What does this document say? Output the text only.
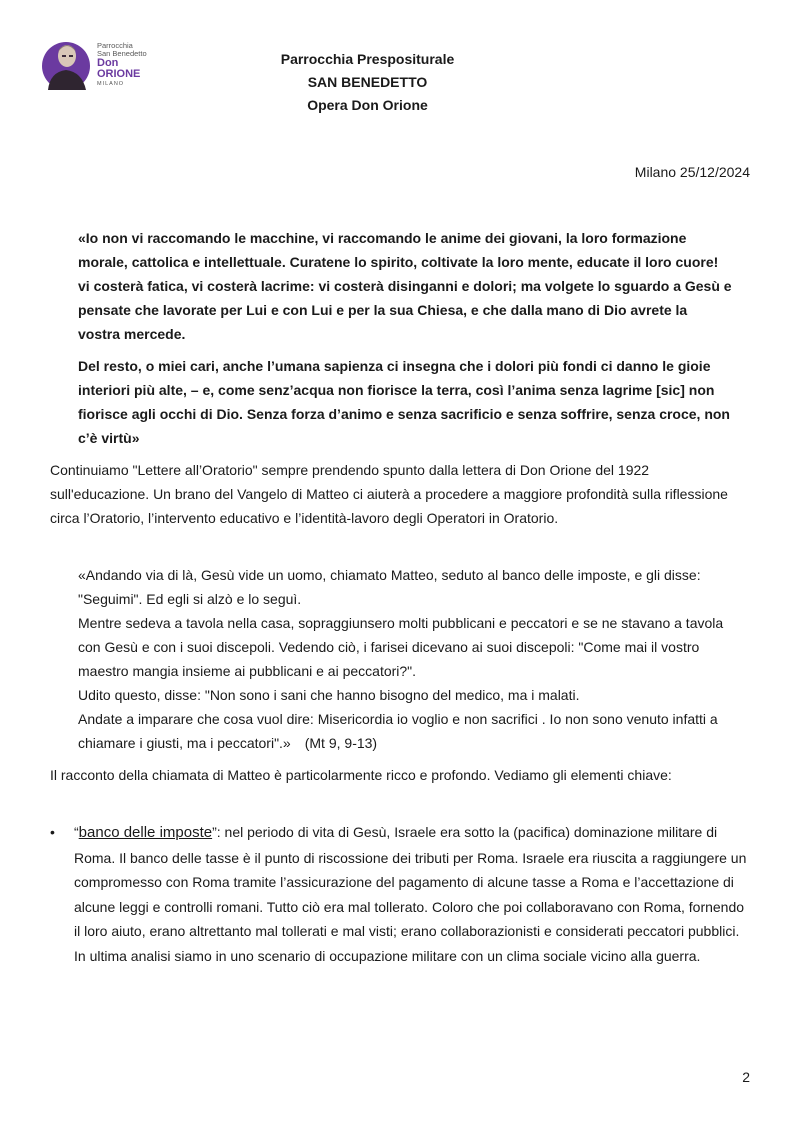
Parrocchia
San Benedetto
Don
ORIONE
MILANO
Parrocchia Prespositurale
SAN BENEDETTO
Opera Don Orione
Milano 25/12/2024

«Io non vi raccomando le macchine, vi raccomando le anime dei giovani, la loro formazione morale, cattolica e intellettuale. Curatene lo spirito, coltivate la loro mente, educate il loro cuore! vi costerà fatica, vi costerà lacrime: vi costerà disinganni e dolori; ma volgete lo sguardo a Gesù e pensate che lavorate per Lui e con Lui e per la sua Chiesa, e che dalla mano di Dio avrete la vostra mercede.

Del resto, o miei cari, anche l’umana sapienza ci insegna che i dolori più fondi ci danno le gioie interiori più alte, – e, come senz’acqua non fiorisce la terra, così l’anima senza lagrime [sic] non fiorisce agli occhi di Dio. Senza forza d’animo e senza sacrificio e senza soffrire, senza croce, non c’è virtù»

Continuiamo "Lettere all’Oratorio" sempre prendendo spunto dalla lettera di Don Orione del 1922 sull'educazione. Un brano del Vangelo di Matteo ci aiuterà a procedere a maggiore profondità sulla riflessione circa l’Oratorio, l’intervento educativo e l’identità-lavoro degli Operatori in Oratorio.

«Andando via di là, Gesù vide un uomo, chiamato Matteo, seduto al banco delle imposte, e gli disse: "Seguimi". Ed egli si alzò e lo seguì.
Mentre sedeva a tavola nella casa, sopraggiunsero molti pubblicani e peccatori e se ne stavano a tavola con Gesù e con i suoi discepoli. Vedendo ciò, i farisei dicevano ai suoi discepoli: "Come mai il vostro maestro mangia insieme ai pubblicani e ai peccatori?".
Udito questo, disse: "Non sono i sani che hanno bisogno del medico, ma i malati.
Andate a imparare che cosa vuol dire: Misericordia io voglio e non sacrifici . Io non sono venuto infatti a chiamare i giusti, ma i peccatori".» (Mt 9, 9-13)

Il racconto della chiamata di Matteo è particolarmente ricco e profondo. Vediamo gli elementi chiave:

• “banco delle imposte”: nel periodo di vita di Gesù, Israele era sotto la (pacifica) dominazione militare di Roma. Il banco delle tasse è il punto di riscossione dei tributi per Roma. Israele era riuscita a raggiungere un compromesso con Roma tramite l’assicurazione del pagamento di alcune tasse a Roma e l’accettazione di alcune leggi e controlli romani. Tutto ciò era mal tollerato. Coloro che poi collaboravano con Roma, fornendo il loro aiuto, erano altrettanto mal tollerati e mal visti; erano collaborazionisti e considerati peccatori pubblici. In ultima analisi siamo in uno scenario di occupazione militare con un clima sociale vicino alla guerra.
2
